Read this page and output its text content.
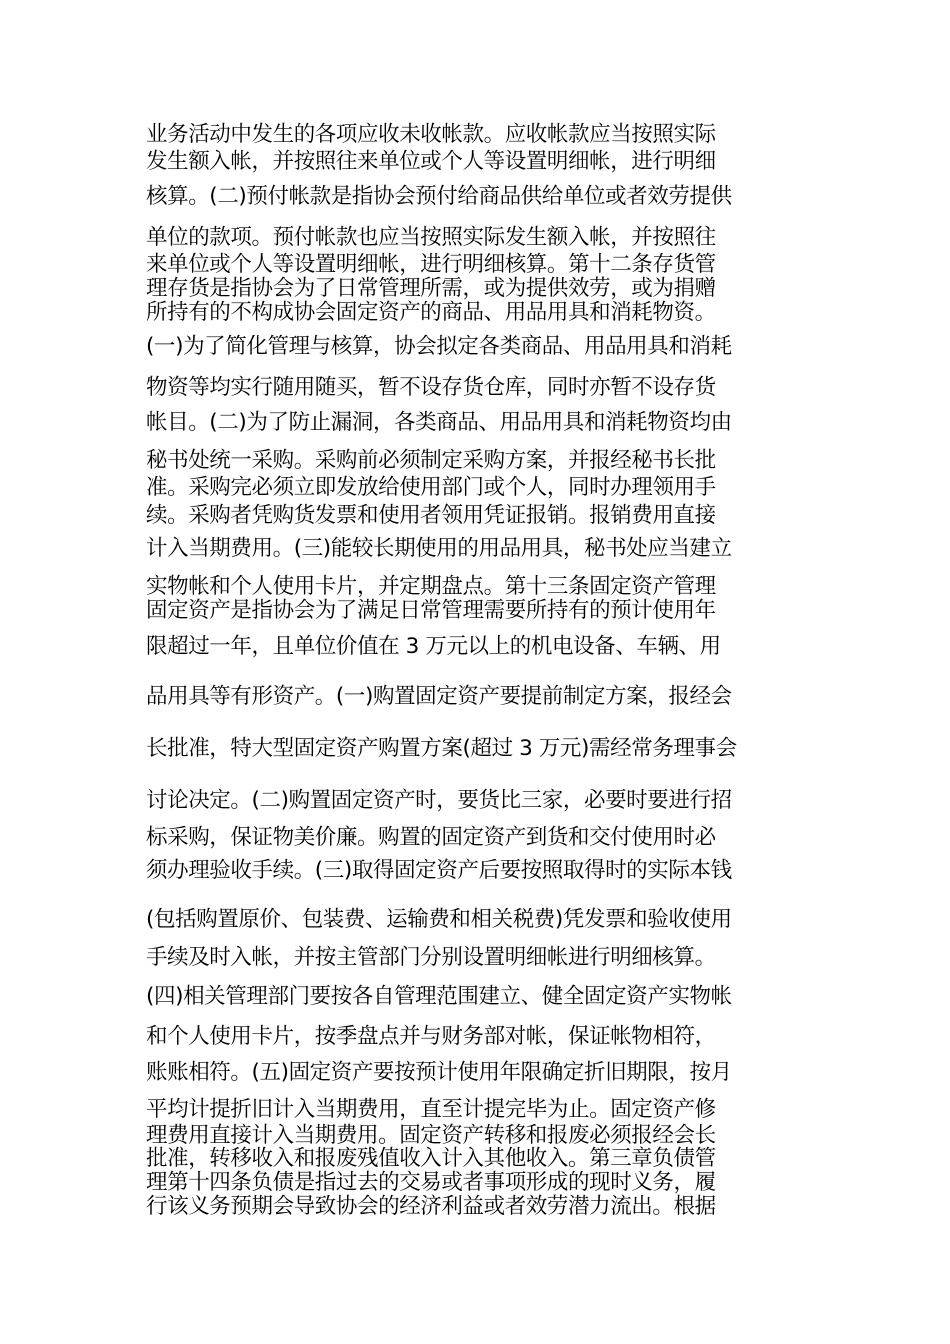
业务活动中发生的各项应收未收帐款。应收帐款应当按照实际
发生额入帐，并按照往来单位或个人等设置明细帐，进行明细
核算。(二)预付帐款是指协会预付给商品供给单位或者效劳提供
单位的款项。预付帐款也应当按照实际发生额入帐，并按照往
来单位或个人等设置明细帐，进行明细核算。第十二条存货管
理存货是指协会为了日常管理所需，或为提供效劳，或为捐赠
所持有的不构成协会固定资产的商品、用品用具和消耗物资。
(一)为了简化管理与核算，协会拟定各类商品、用品用具和消耗
物资等均实行随用随买，暂不设存货仓库，同时亦暂不设存货
帐目。(二)为了防止漏洞，各类商品、用品用具和消耗物资均由
秘书处统一采购。采购前必须制定采购方案，并报经秘书长批
准。采购完必须立即发放给使用部门或个人，同时办理领用手
续。采购者凭购货发票和使用者领用凭证报销。报销费用直接
计入当期费用。(三)能较长期使用的用品用具，秘书处应当建立
实物帐和个人使用卡片，并定期盘点。第十三条固定资产管理
固定资产是指协会为了满足日常管理需要所持有的预计使用年
限超过一年，且单位价值在 3 万元以上的机电设备、车辆、用
品用具等有形资产。(一)购置固定资产要提前制定方案，报经会
长批准，特大型固定资产购置方案(超过 3 万元)需经常务理事会
讨论决定。(二)购置固定资产时，要货比三家，必要时要进行招
标采购，保证物美价廉。购置的固定资产到货和交付使用时必
须办理验收手续。(三)取得固定资产后要按照取得时的实际本钱
(包括购置原价、包装费、运输费和相关税费)凭发票和验收使用
手续及时入帐，并按主管部门分别设置明细帐进行明细核算。
(四)相关管理部门要按各自管理范围建立、健全固定资产实物帐
和个人使用卡片，按季盘点并与财务部对帐，保证帐物相符，
账账相符。(五)固定资产要按预计使用年限确定折旧期限，按月
平均计提折旧计入当期费用，直至计提完毕为止。固定资产修
理费用直接计入当期费用。固定资产转移和报废必须报经会长
批准，转移收入和报废残值收入计入其他收入。第三章负债管
理第十四条负债是指过去的交易或者事项形成的现时义务，履
行该义务预期会导致协会的经济利益或者效劳潜力流出。根据
